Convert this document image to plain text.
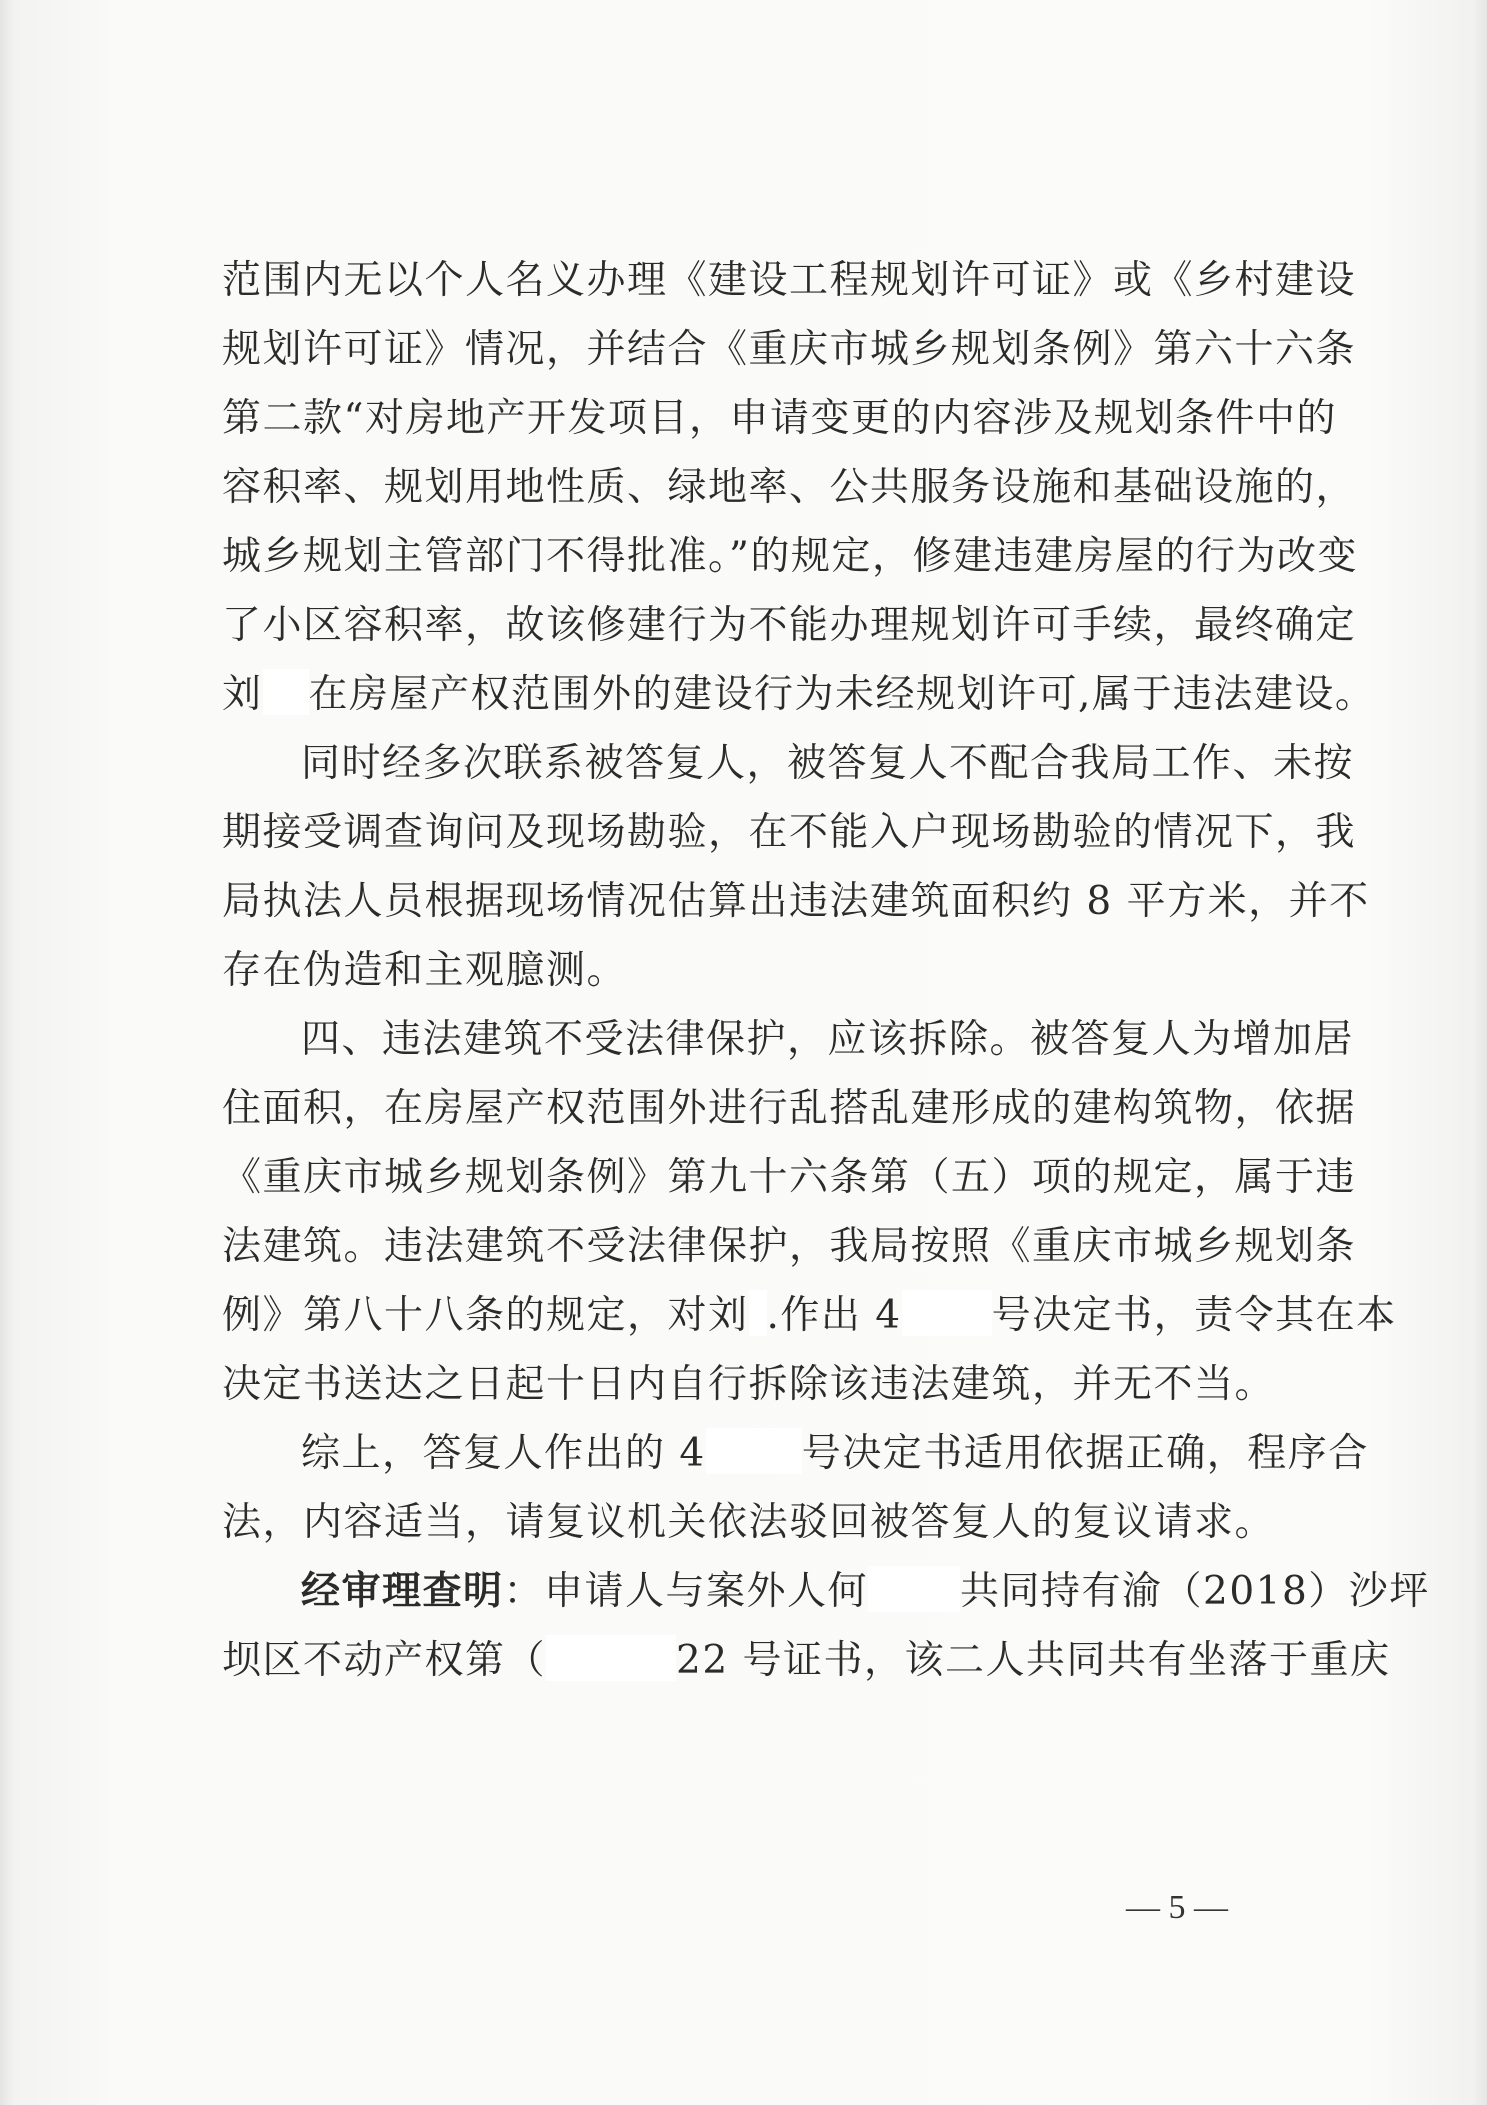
范围内无以个人名义办理《建设工程规划许可证》或《乡村建设
规划许可证》情况，并结合《重庆市城乡规划条例》第六十六条
第二款“对房地产开发项目，申请变更的内容涉及规划条件中的
容积率、规划用地性质、绿地率、公共服务设施和基础设施的，
城乡规划主管部门不得批准。”的规定，修建违建房屋的行为改变
了小区容积率，故该修建行为不能办理规划许可手续，最终确定
刘 在房屋产权范围外的建设行为未经规划许可,属于违法建设。
同时经多次联系被答复人，被答复人不配合我局工作、未按
期接受调查询问及现场勘验，在不能入户现场勘验的情况下，我
局执法人员根据现场情况估算出违法建筑面积约 8 平方米，并不
存在伪造和主观臆测。
四、违法建筑不受法律保护，应该拆除。被答复人为增加居
住面积，在房屋产权范围外进行乱搭乱建形成的建构筑物，依据
《重庆市城乡规划条例》第九十六条第（五）项的规定，属于违
法建筑。违法建筑不受法律保护，我局按照《重庆市城乡规划条
例》第八十八条的规定，对刘 .作出 4 号决定书，责令其在本
决定书送达之日起十日内自行拆除该违法建筑，并无不当。
综上，答复人作出的 4 号决定书适用依据正确，程序合
法，内容适当，请复议机关依法驳回被答复人的复议请求。
经审理查明：申请人与案外人何 共同持有渝（2018）沙坪
坝区不动产权第（	22 号证书，该二人共同共有坐落于重庆
— 5 —
